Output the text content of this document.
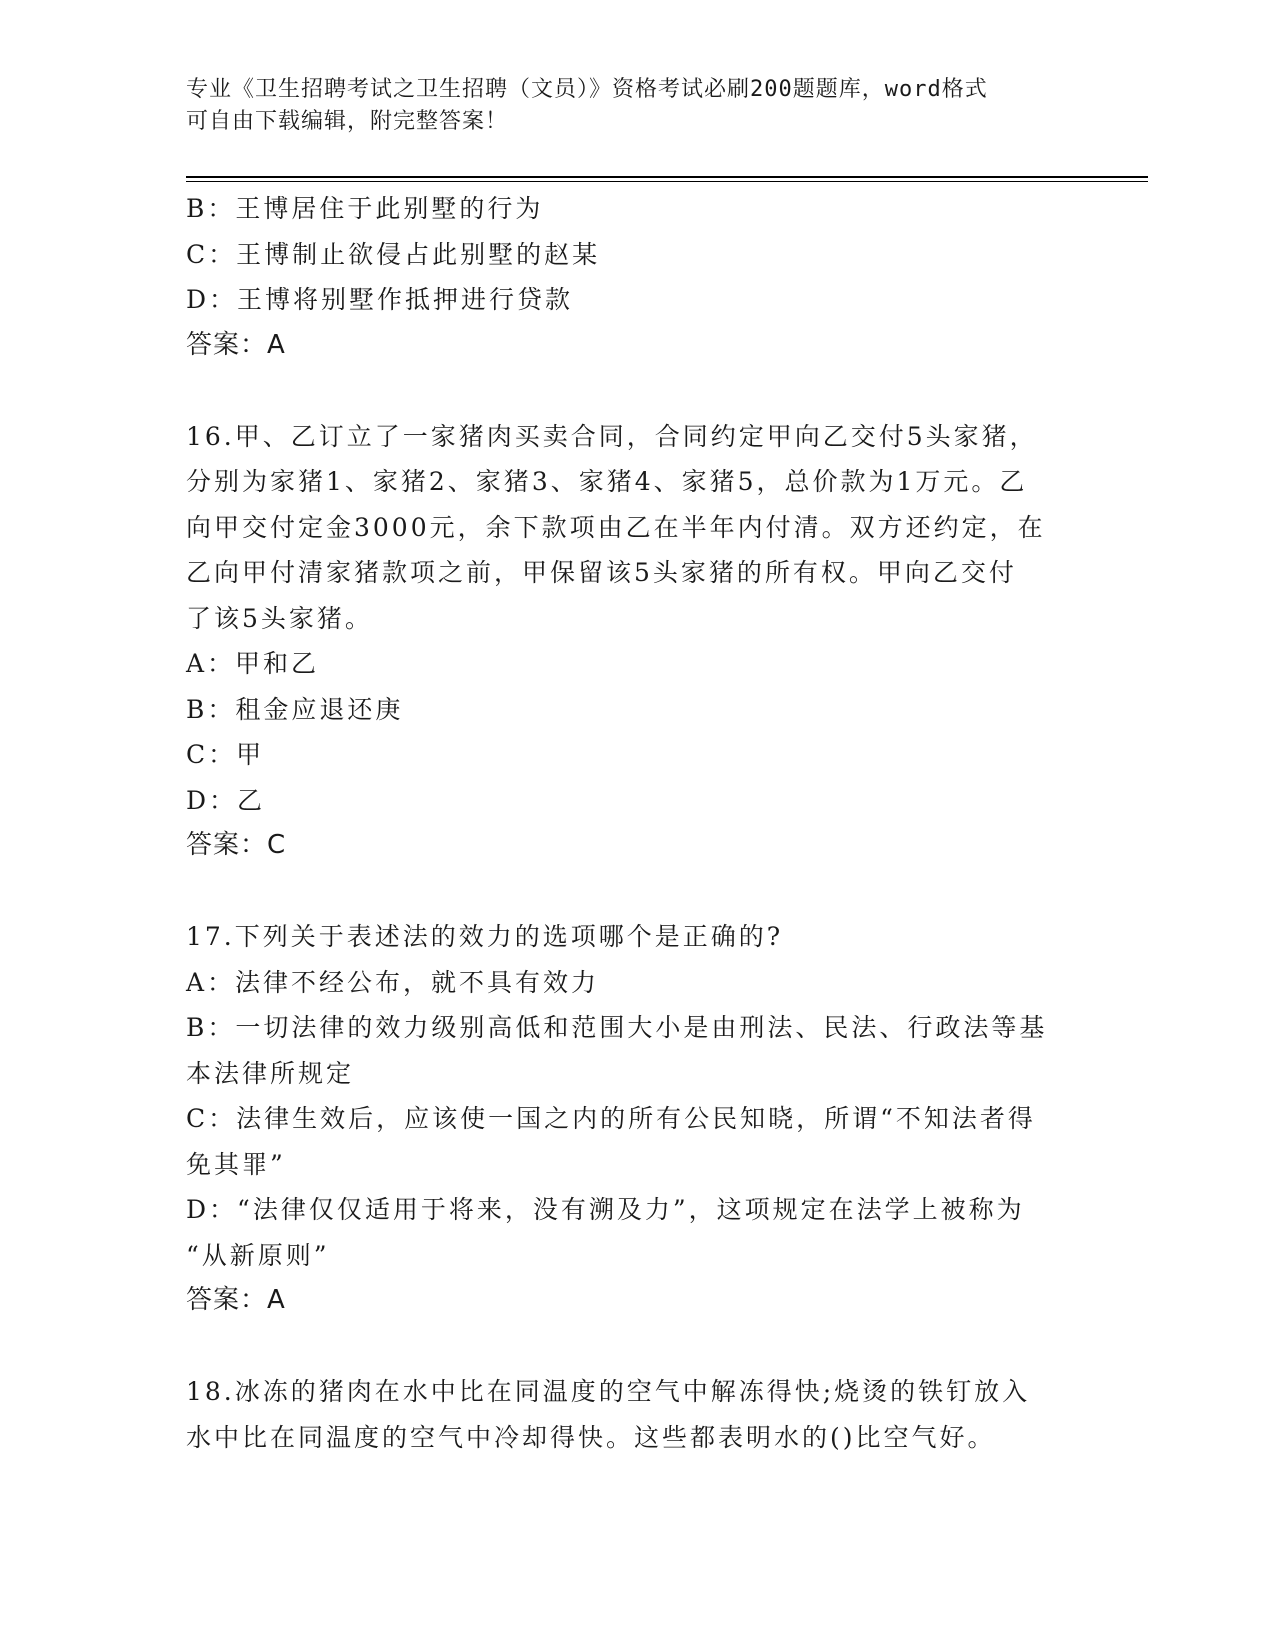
专业《卫生招聘考试之卫生招聘（文员）》资格考试必刷200题题库，word格式
可自由下载编辑，附完整答案！
B：王博居住于此别墅的行为
C：王博制止欲侵占此别墅的赵某
D：王博将别墅作抵押进行贷款
答案：A
16.甲、乙订立了一家猪肉买卖合同，合同约定甲向乙交付5头家猪，
分别为家猪1、家猪2、家猪3、家猪4、家猪5，总价款为1万元。乙
向甲交付定金3000元，余下款项由乙在半年内付清。双方还约定，在
乙向甲付清家猪款项之前，甲保留该5头家猪的所有权。甲向乙交付
了该5头家猪。
A：甲和乙
B：租金应退还庚
C：甲
D：乙
答案：C
17.下列关于表述法的效力的选项哪个是正确的?
A：法律不经公布，就不具有效力
B：一切法律的效力级别高低和范围大小是由刑法、民法、行政法等基
本法律所规定
C：法律生效后，应该使一国之内的所有公民知晓，所谓“不知法者得
免其罪”
D：“法律仅仅适用于将来，没有溯及力”，这项规定在法学上被称为
“从新原则”
答案：A
18.冰冻的猪肉在水中比在同温度的空气中解冻得快;烧烫的铁钉放入
水中比在同温度的空气中冷却得快。这些都表明水的()比空气好。
